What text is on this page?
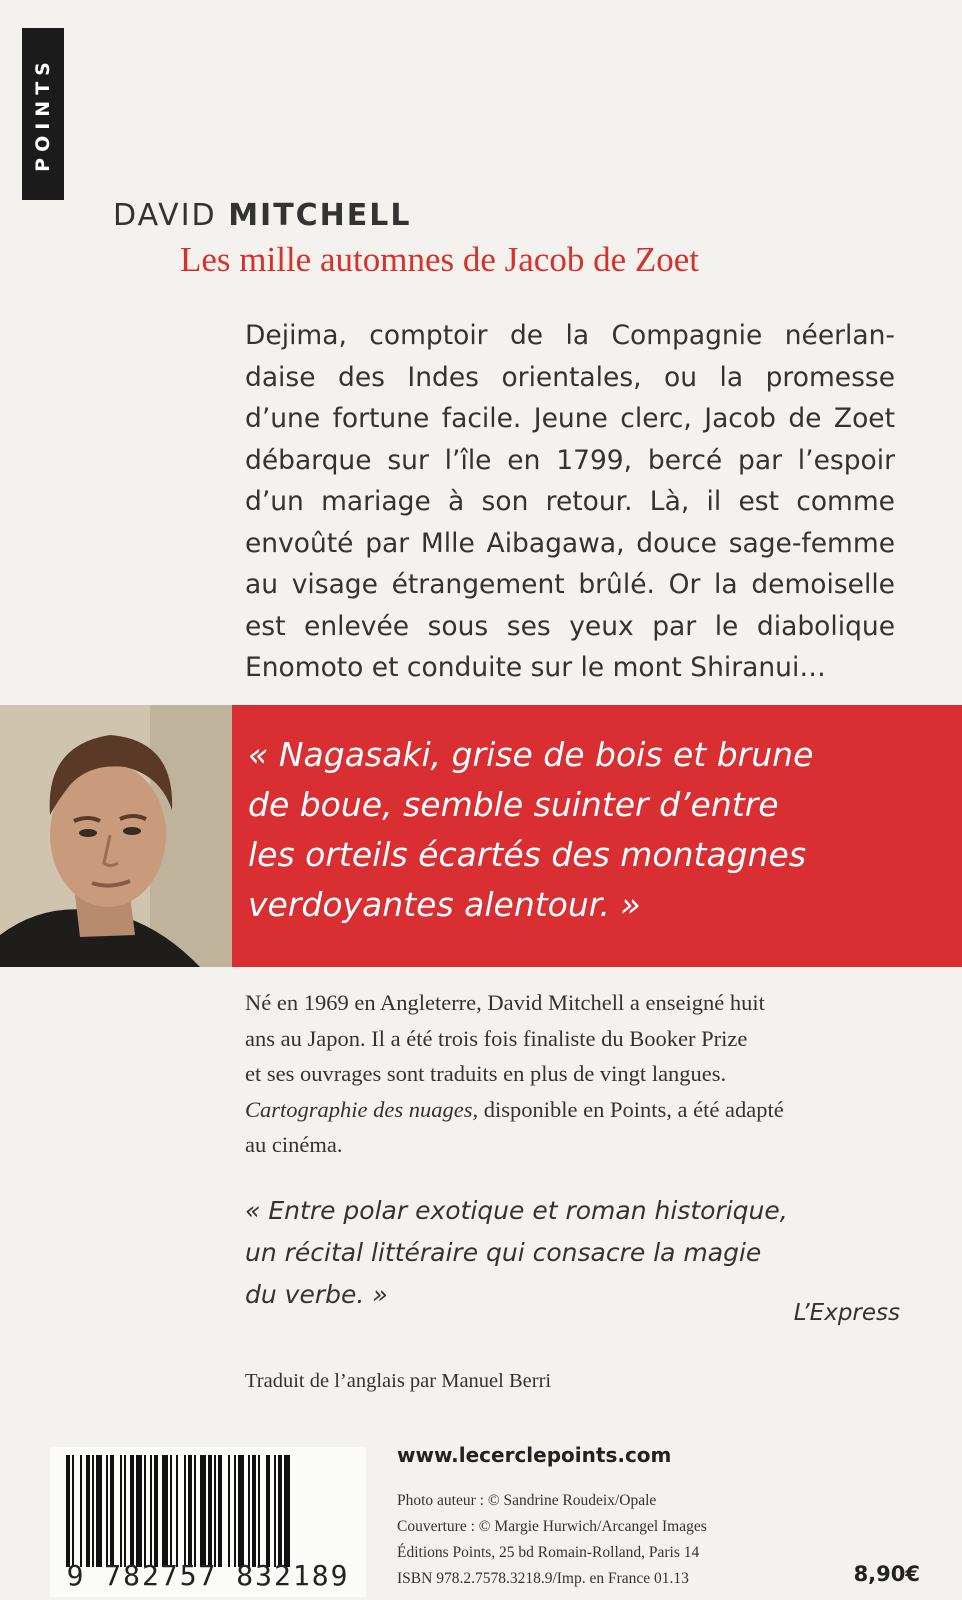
POINTS
DAVID MITCHELL
Les mille automnes de Jacob de Zoet
Dejima, comptoir de la Compagnie néerlan-
daise des Indes orientales, ou la promesse
d’une fortune facile. Jeune clerc, Jacob de Zoet
débarque sur l’île en 1799, bercé par l’espoir
d’un mariage à son retour. Là, il est comme
envoûté par Mlle Aibagawa, douce sage-femme
au visage étrangement brûlé. Or la demoiselle
est enlevée sous ses yeux par le diabolique
Enomoto et conduite sur le mont Shiranui…
« Nagasaki, grise de bois et brune
de boue, semble suinter d’entre
les orteils écartés des montagnes
verdoyantes alentour. »
Né en 1969 en Angleterre, David Mitchell a enseigné huit
ans au Japon. Il a été trois fois finaliste du Booker Prize
et ses ouvrages sont traduits en plus de vingt langues.
Cartographie des nuages, disponible en Points, a été adapté
au cinéma.
« Entre polar exotique et roman historique,
un récital littéraire qui consacre la magie
du verbe. »
L’Express
Traduit de l’anglais par Manuel Berri
9 782757 832189
www.lecerclepoints.com
Photo auteur : © Sandrine Roudeix/Opale
Couverture : © Margie Hurwich/Arcangel Images
Éditions Points, 25 bd Romain-Rolland, Paris 14
ISBN 978.2.7578.3218.9/Imp. en France 01.13	8,90€
